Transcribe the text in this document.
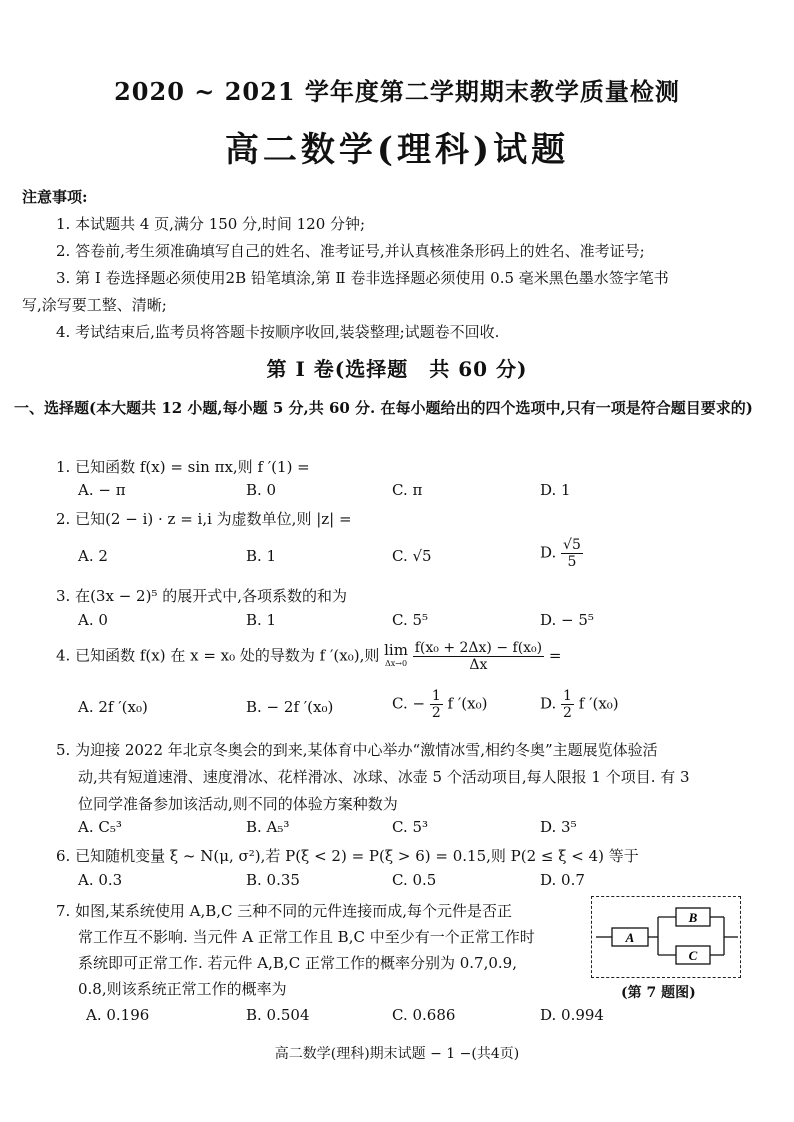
2020 ~ 2021 学年度第二学期期末教学质量检测
高二数学(理科)试题
注意事项:
1. 本试题共 4 页,满分 150 分,时间 120 分钟;
2. 答卷前,考生须准确填写自己的姓名、准考证号,并认真核准条形码上的姓名、准考证号;
3. 第 Ⅰ 卷选择题必须使用2B 铅笔填涂,第 Ⅱ 卷非选择题必须使用 0.5 毫米黑色墨水签字笔书
写,涂写要工整、清晰;
4. 考试结束后,监考员将答题卡按顺序收回,装袋整理;试题卷不回收.
第 Ⅰ 卷(选择题　共 60 分)
一、选择题(本大题共 12 小题,每小题 5 分,共 60 分. 在每小题给出的四个选项中,只有一项是符合题目要求的)
1. 已知函数 f(x) = sin πx,则 f ′(1) =
A. − π	B. 0	C. π	D. 1
2. 已知(2 − i) · z = i,i 为虚数单位,则 |z| =
A. 2	B. 1	C. √5	D. $\frac{√5}{5}$
3. 在(3x − 2)⁵ 的展开式中,各项系数的和为
A. 0	B. 1	C. 5⁵	D. − 5⁵
4. 已知函数 f(x) 在 x = x₀ 处的导数为 f ′(x₀),则 lim
Δx→0
$\frac{\text{f(x₀ + 2Δx) − f(x₀)}}{\Delta x}$ =
A. 2f ′(x₀)	B. − 2f ′(x₀)	C. − $\frac{1}{2}$ f ′(x₀)	D. $\frac{1}{2}$ f ′(x₀)
5. 为迎接 2022 年北京冬奥会的到来,某体育中心举办“激情冰雪,相约冬奥”主题展览体验活
动,共有短道速滑、速度滑冰、花样滑冰、冰球、冰壶 5 个活动项目,每人限报 1 个项目. 有 3
位同学准备参加该活动,则不同的体验方案种数为
A. C₅³	B. A₅³	C. 5³	D. 3⁵
6. 已知随机变量 ξ ~ N(μ, σ²),若 P(ξ < 2) = P(ξ > 6) = 0.15,则 P(2 ≤ ξ < 4) 等于
A. 0.3	B. 0.35	C. 0.5	D. 0.7
7. 如图,某系统使用 A,B,C 三种不同的元件连接而成,每个元件是否正
常工作互不影响. 当元件 A 正常工作且 B,C 中至少有一个正常工作时
系统即可正常工作. 若元件 A,B,C 正常工作的概率分别为 0.7,0.9,
0.8,则该系统正常工作的概率为
A. 0.196	B. 0.504	C. 0.686	D. 0.994
A
B
C
(第 7 题图)
高二数学(理科)期末试题 − 1 −(共4页)
